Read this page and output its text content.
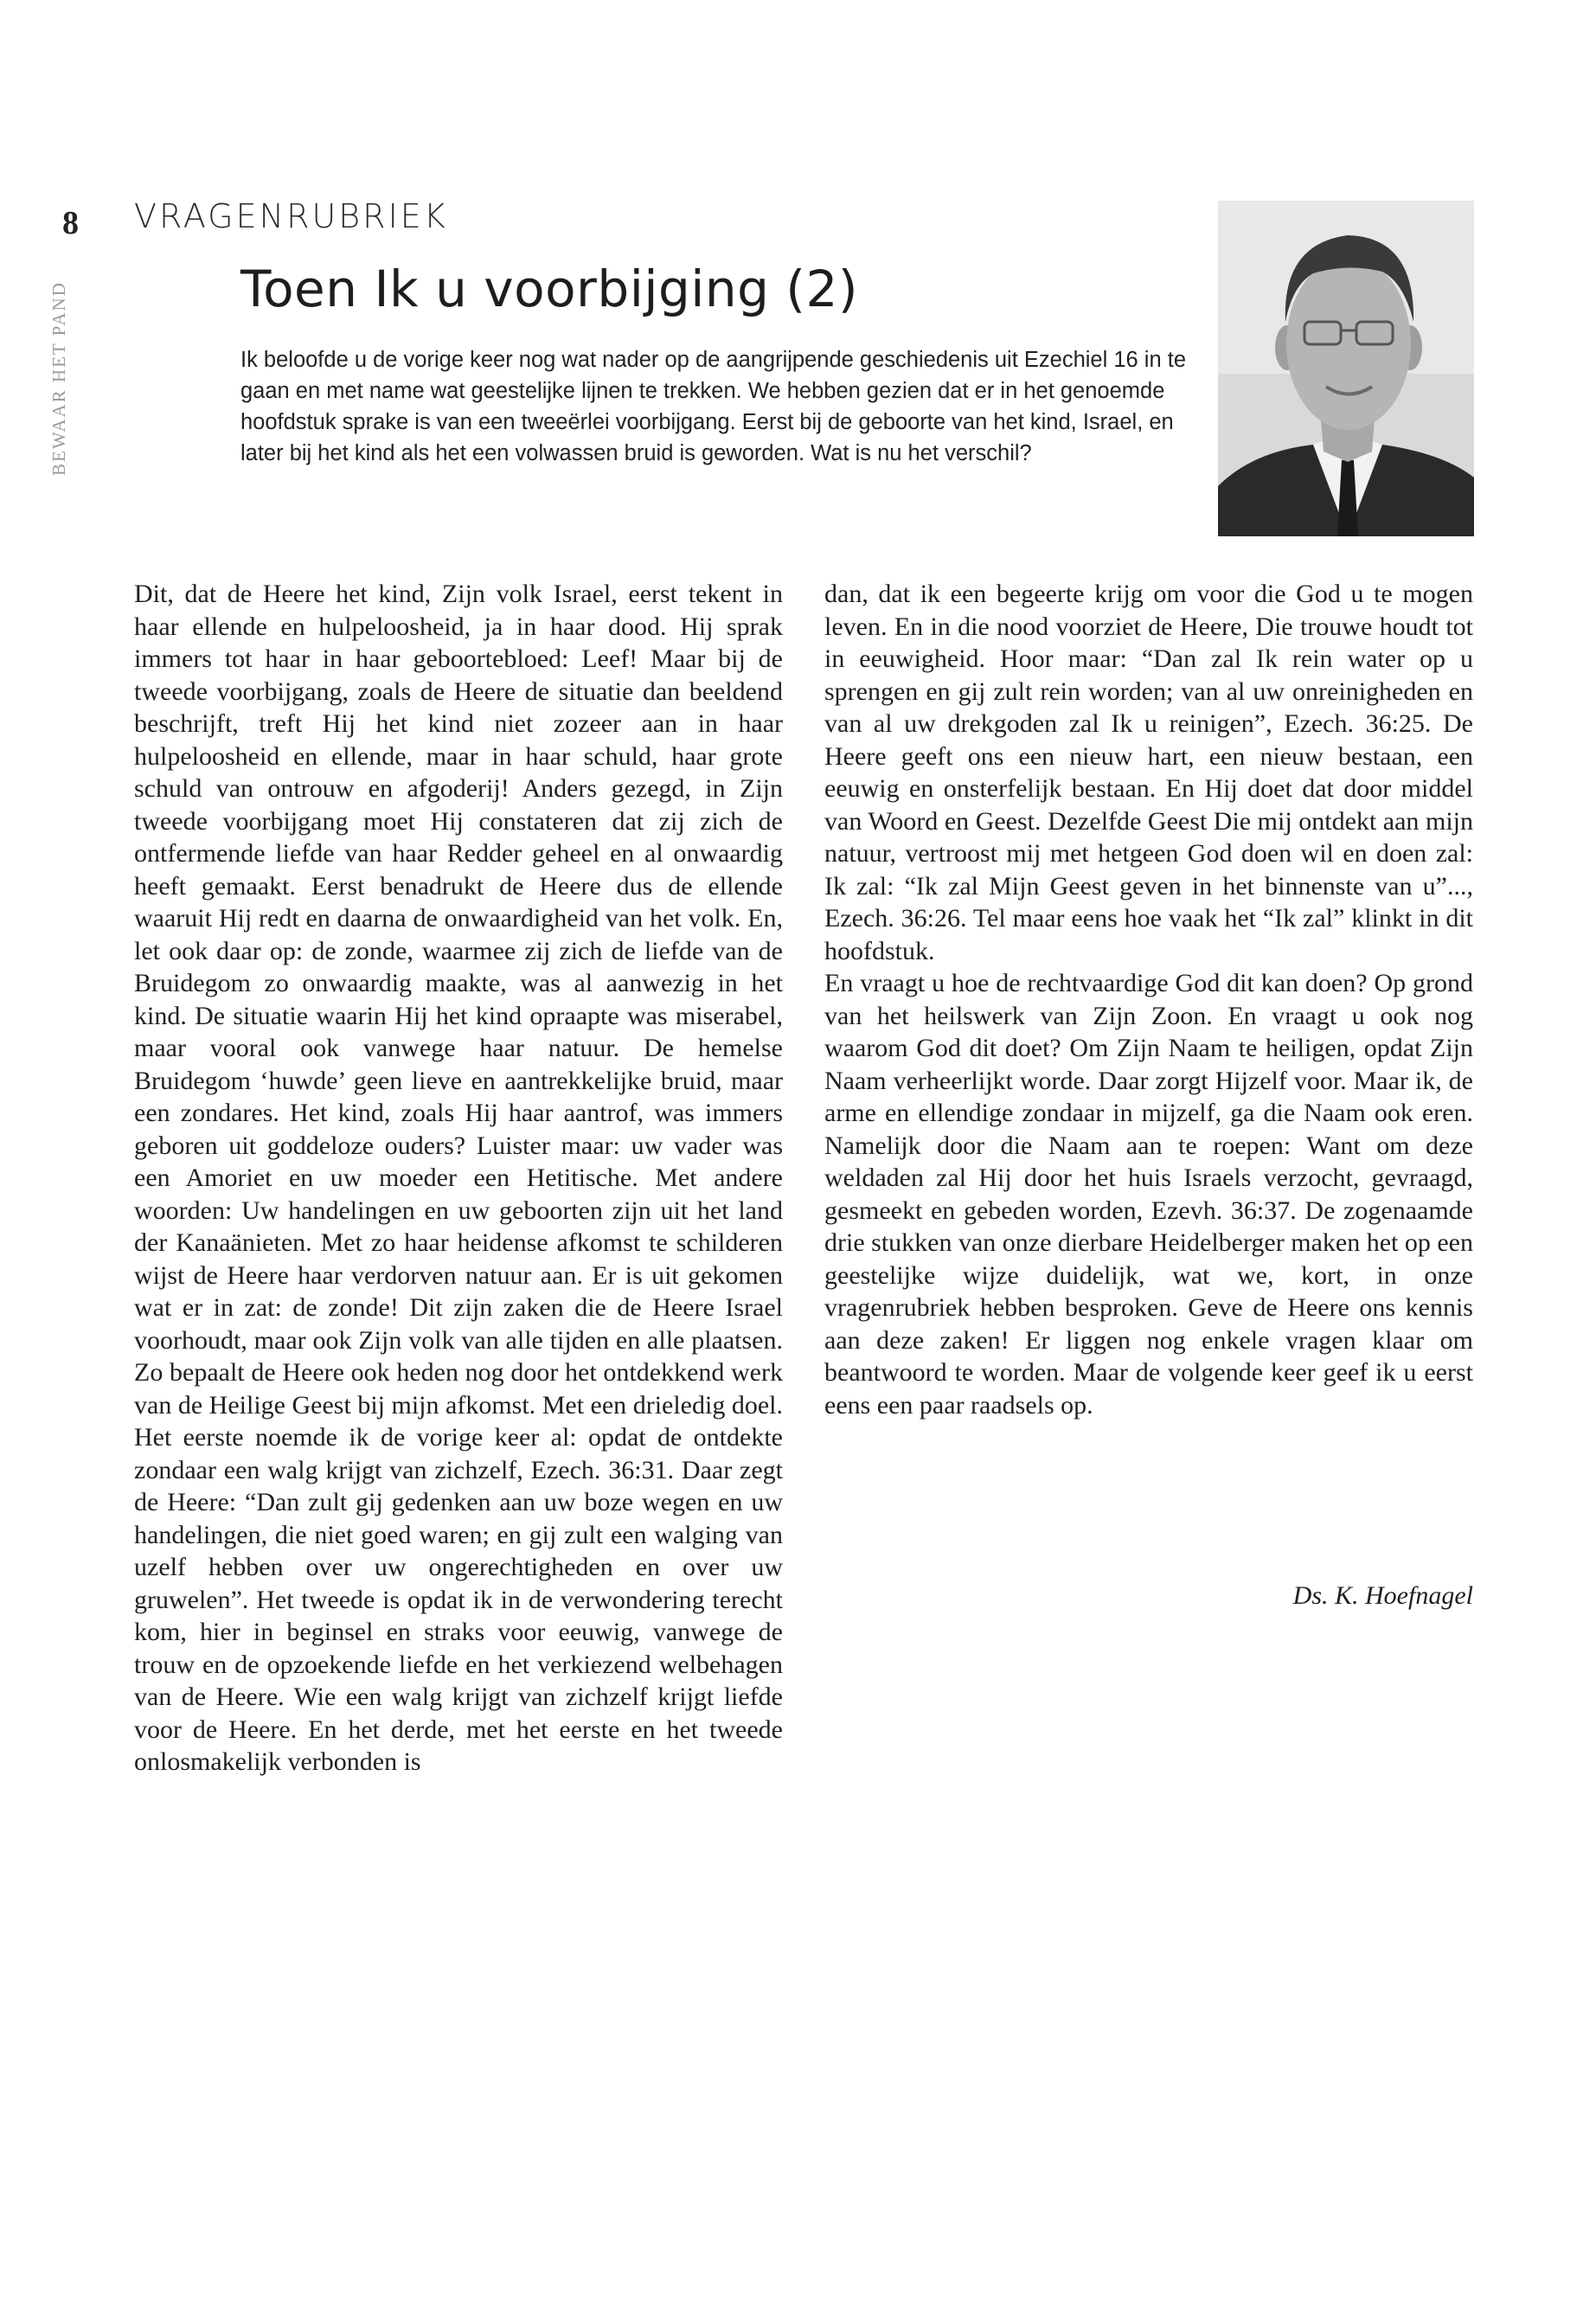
8
BEWAAR HET PAND
VRAGENRUBRIEK
Toen Ik u voorbijging (2)

Ik beloofde u de vorige keer nog wat nader op de aangrijpende geschiedenis uit Ezechiel 16 in te gaan en met name wat geestelijke lijnen te trekken. We hebben gezien dat er in het genoemde hoofdstuk sprake is van een tweeërlei voorbijgang. Eerst bij de geboorte van het kind, Israel, en later bij het kind als het een volwassen bruid is geworden. Wat is nu het verschil?

Dit, dat de Heere het kind, Zijn volk Israel, eerst tekent in haar ellende en hulpeloosheid, ja in haar dood. Hij sprak immers tot haar in haar geboortebloed: Leef! Maar bij de tweede voorbijgang, zoals de Heere de situatie dan beeldend beschrijft, treft Hij het kind niet zozeer aan in haar hulpeloosheid en ellende, maar in haar schuld, haar grote schuld van ontrouw en afgoderij! Anders gezegd, in Zijn tweede voorbijgang moet Hij constateren dat zij zich de ontfermende liefde van haar Redder geheel en al onwaardig heeft gemaakt. Eerst benadrukt de Heere dus de ellende waaruit Hij redt en daarna de onwaardigheid van het volk. En, let ook daar op: de zonde, waarmee zij zich de liefde van de Bruidegom zo onwaardig maakte, was al aanwezig in het kind. De situatie waarin Hij het kind opraapte was miserabel, maar vooral ook vanwege haar natuur. De hemelse Bruidegom ‘huwde’ geen lieve en aantrekkelijke bruid, maar een zondares. Het kind, zoals Hij haar aantrof, was immers geboren uit goddeloze ouders? Luister maar: uw vader was een Amoriet en uw moeder een Hetitische. Met andere woorden: Uw handelingen en uw geboorten zijn uit het land der Kanaänieten. Met zo haar heidense afkomst te schilderen wijst de Heere haar verdorven natuur aan. Er is uit gekomen wat er in zat: de zonde! Dit zijn zaken die de Heere Israel voorhoudt, maar ook Zijn volk van alle tijden en alle plaatsen. Zo bepaalt de Heere ook heden nog door het ontdekkend werk van de Heilige Geest bij mijn afkomst. Met een drieledig doel. Het eerste noemde ik de vorige keer al: opdat de ontdekte zondaar een walg krijgt van zichzelf, Ezech. 36:31. Daar zegt de Heere: “Dan zult gij gedenken aan uw boze wegen en uw handelingen, die niet goed waren; en gij zult een walging van uzelf hebben over uw ongerechtigheden en over uw gruwelen”. Het tweede is opdat ik in de verwondering terecht kom, hier in beginsel en straks voor eeuwig, vanwege de trouw en de opzoekende liefde en het verkiezend welbehagen van de Heere. Wie een walg krijgt van zichzelf krijgt liefde voor de Heere. En het derde, met het eerste en het tweede onlosmakelijk verbonden is

dan, dat ik een begeerte krijg om voor die God u te mogen leven. En in die nood voorziet de Heere, Die trouwe houdt tot in eeuwigheid. Hoor maar: “Dan zal Ik rein water op u sprengen en gij zult rein worden; van al uw onreinigheden en van al uw drekgoden zal Ik u reinigen”, Ezech. 36:25. De Heere geeft ons een nieuw hart, een nieuw bestaan, een eeuwig en onsterfelijk bestaan. En Hij doet dat door middel van Woord en Geest. Dezelfde Geest Die mij ontdekt aan mijn natuur, vertroost mij met hetgeen God doen wil en doen zal: Ik zal: “Ik zal Mijn Geest geven in het binnenste van u”..., Ezech. 36:26. Tel maar eens hoe vaak het “Ik zal” klinkt in dit hoofdstuk.
En vraagt u hoe de rechtvaardige God dit kan doen? Op grond van het heilswerk van Zijn Zoon. En vraagt u ook nog waarom God dit doet? Om Zijn Naam te heiligen, opdat Zijn Naam verheerlijkt worde. Daar zorgt Hijzelf voor. Maar ik, de arme en ellendige zondaar in mijzelf, ga die Naam ook eren. Namelijk door die Naam aan te roepen: Want om deze weldaden zal Hij door het huis Israels verzocht, gevraagd, gesmeekt en gebeden worden, Ezevh. 36:37. De zogenaamde drie stukken van onze dierbare Heidelberger maken het op een geestelijke wijze duidelijk, wat we, kort, in onze vragenrubriek hebben besproken. Geve de Heere ons kennis aan deze zaken! Er liggen nog enkele vragen klaar om beantwoord te worden. Maar de volgende keer geef ik u eerst eens een paar raadsels op.
Ds. K. Hoefnagel
